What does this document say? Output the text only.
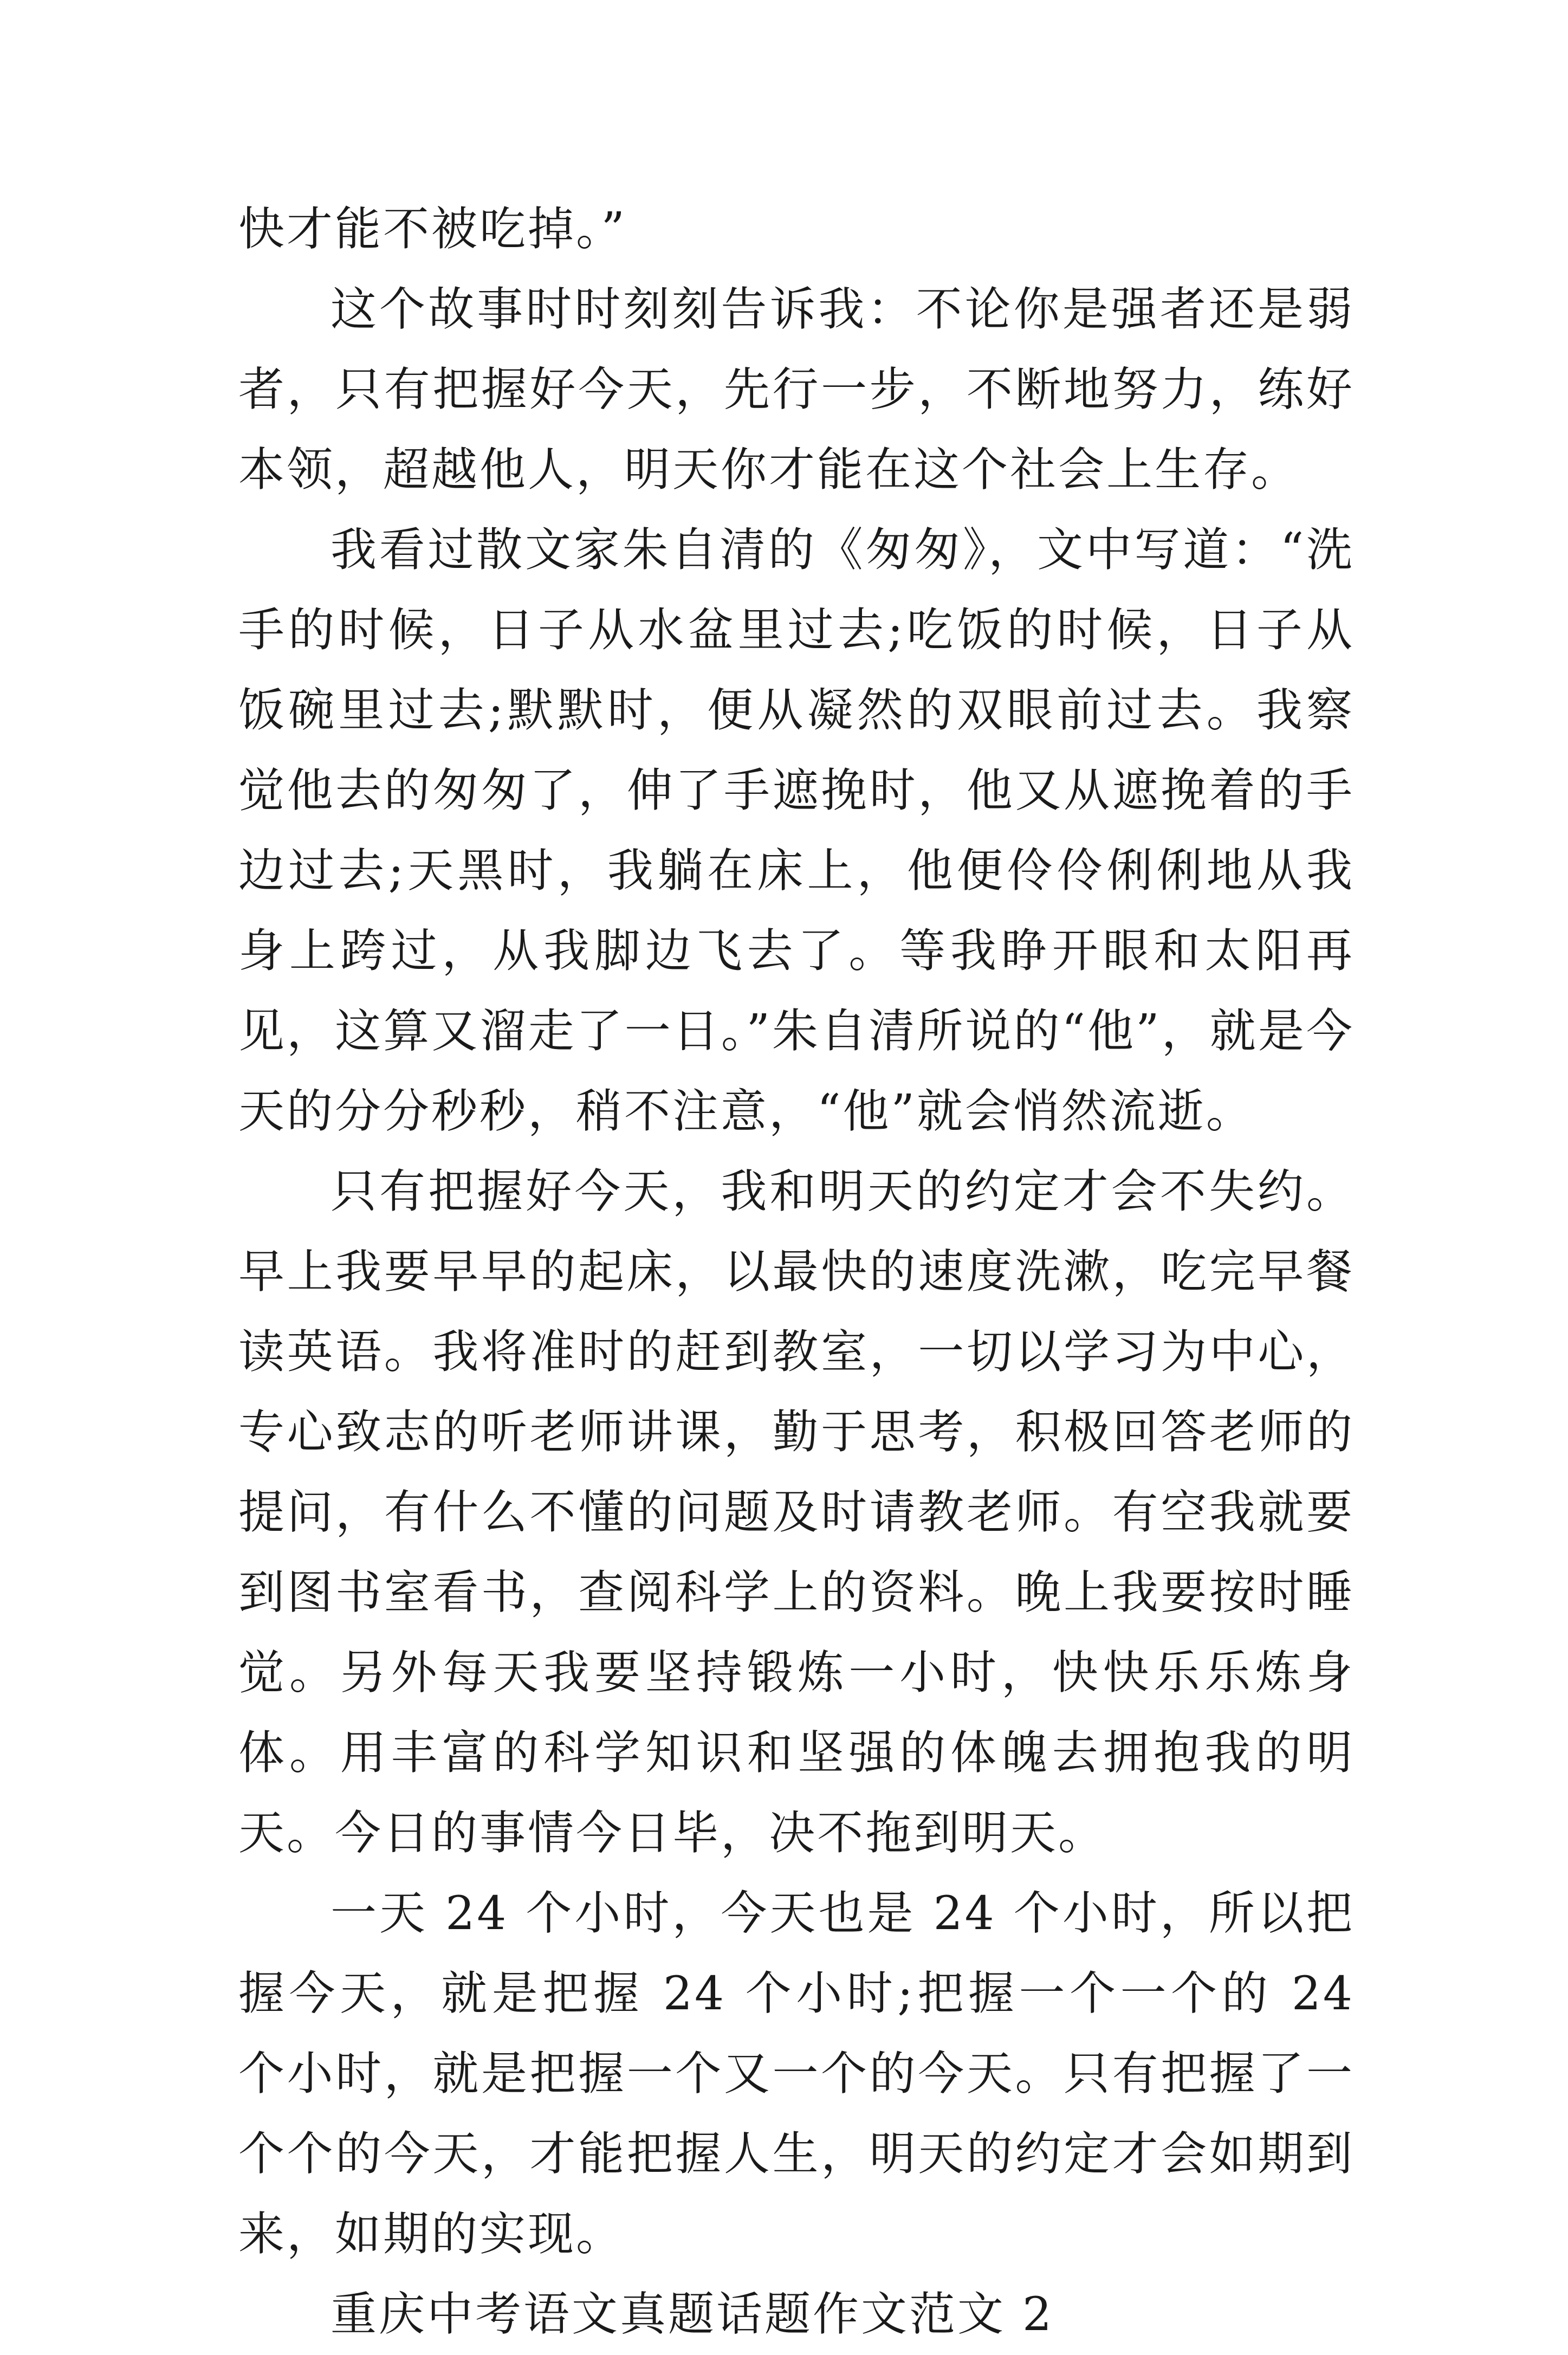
快才能不被吃掉。”

这个故事时时刻刻告诉我：不论你是强者还是弱者，只有把握好今天，先行一步，不断地努力，练好本领，超越他人，明天你才能在这个社会上生存。

我看过散文家朱自清的《匆匆》，文中写道：“洗手的时候，日子从水盆里过去;吃饭的时候，日子从饭碗里过去;默默时，便从凝然的双眼前过去。我察觉他去的匆匆了，伸了手遮挽时，他又从遮挽着的手边过去;天黑时，我躺在床上，他便伶伶俐俐地从我身上跨过，从我脚边飞去了。等我睁开眼和太阳再见，这算又溜走了一日。”朱自清所说的“他”，就是今天的分分秒秒，稍不注意，“他”就会悄然流逝。

只有把握好今天，我和明天的约定才会不失约。早上我要早早的起床，以最快的速度洗漱，吃完早餐读英语。我将准时的赶到教室，一切以学习为中心，专心致志的听老师讲课，勤于思考，积极回答老师的提问，有什么不懂的问题及时请教老师。有空我就要到图书室看书，查阅科学上的资料。晚上我要按时睡觉。另外每天我要坚持锻炼一小时，快快乐乐炼身体。用丰富的科学知识和坚强的体魄去拥抱我的明天。今日的事情今日毕，决不拖到明天。

一天 24 个小时，今天也是 24 个小时，所以把握今天，就是把握 24 个小时;把握一个一个的 24 个小时，就是把握一个又一个的今天。只有把握了一个个的今天，才能把握人生，明天的约定才会如期到来，如期的实现。

重庆中考语文真题话题作文范文 2
